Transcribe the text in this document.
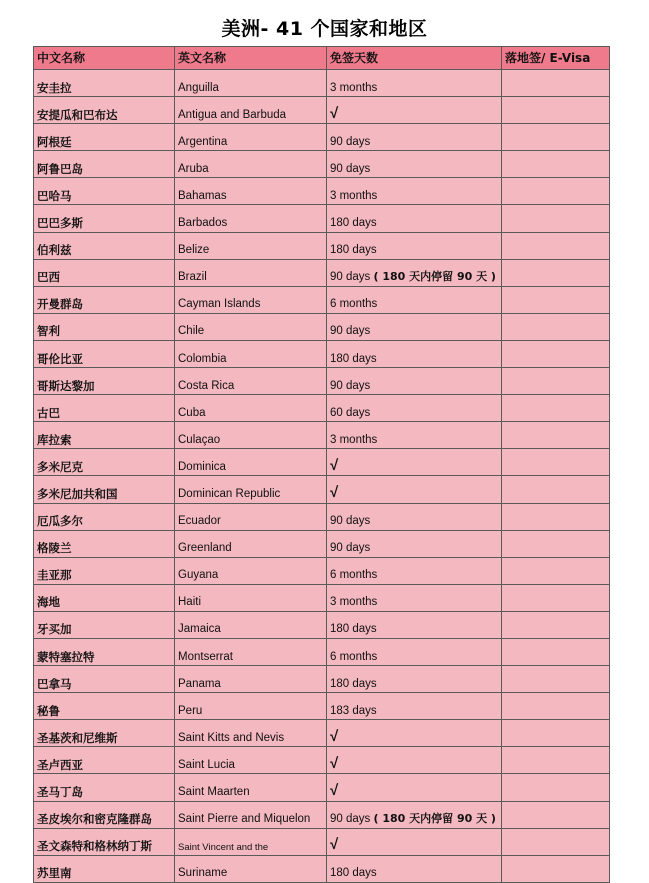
美洲- 41 个国家和地区
中文名称	英文名称	免签天数	落地签/ E-Visa
安圭拉	Anguilla	3 months	
安提瓜和巴布达	Antigua and Barbuda	√	
阿根廷	Argentina	90 days	
阿鲁巴岛	Aruba	90 days	
巴哈马	Bahamas	3 months	
巴巴多斯	Barbados	180 days	
伯利兹	Belize	180 days	
巴西	Brazil	90 days ( 180 天内停留 90 天 )	
开曼群岛	Cayman Islands	6 months	
智利	Chile	90 days	
哥伦比亚	Colombia	180 days	
哥斯达黎加	Costa Rica	90 days	
古巴	Cuba	60 days	
库拉索	Culaçao	3 months	
多米尼克	Dominica	√	
多米尼加共和国	Dominican Republic	√	
厄瓜多尔	Ecuador	90 days	
格陵兰	Greenland	90 days	
圭亚那	Guyana	6 months	
海地	Haiti	3 months	
牙买加	Jamaica	180 days	
蒙特塞拉特	Montserrat	6 months	
巴拿马	Panama	180 days	
秘鲁	Peru	183 days	
圣基茨和尼维斯	Saint Kitts and Nevis	√	
圣卢西亚	Saint Lucia	√	
圣马丁岛	Saint Maarten	√	
圣皮埃尔和密克隆群岛	Saint Pierre and Miquelon	90 days ( 180 天内停留 90 天 )	
圣文森特和格林纳丁斯	Saint Vincent and the	√	
苏里南	Suriname	180 days	
